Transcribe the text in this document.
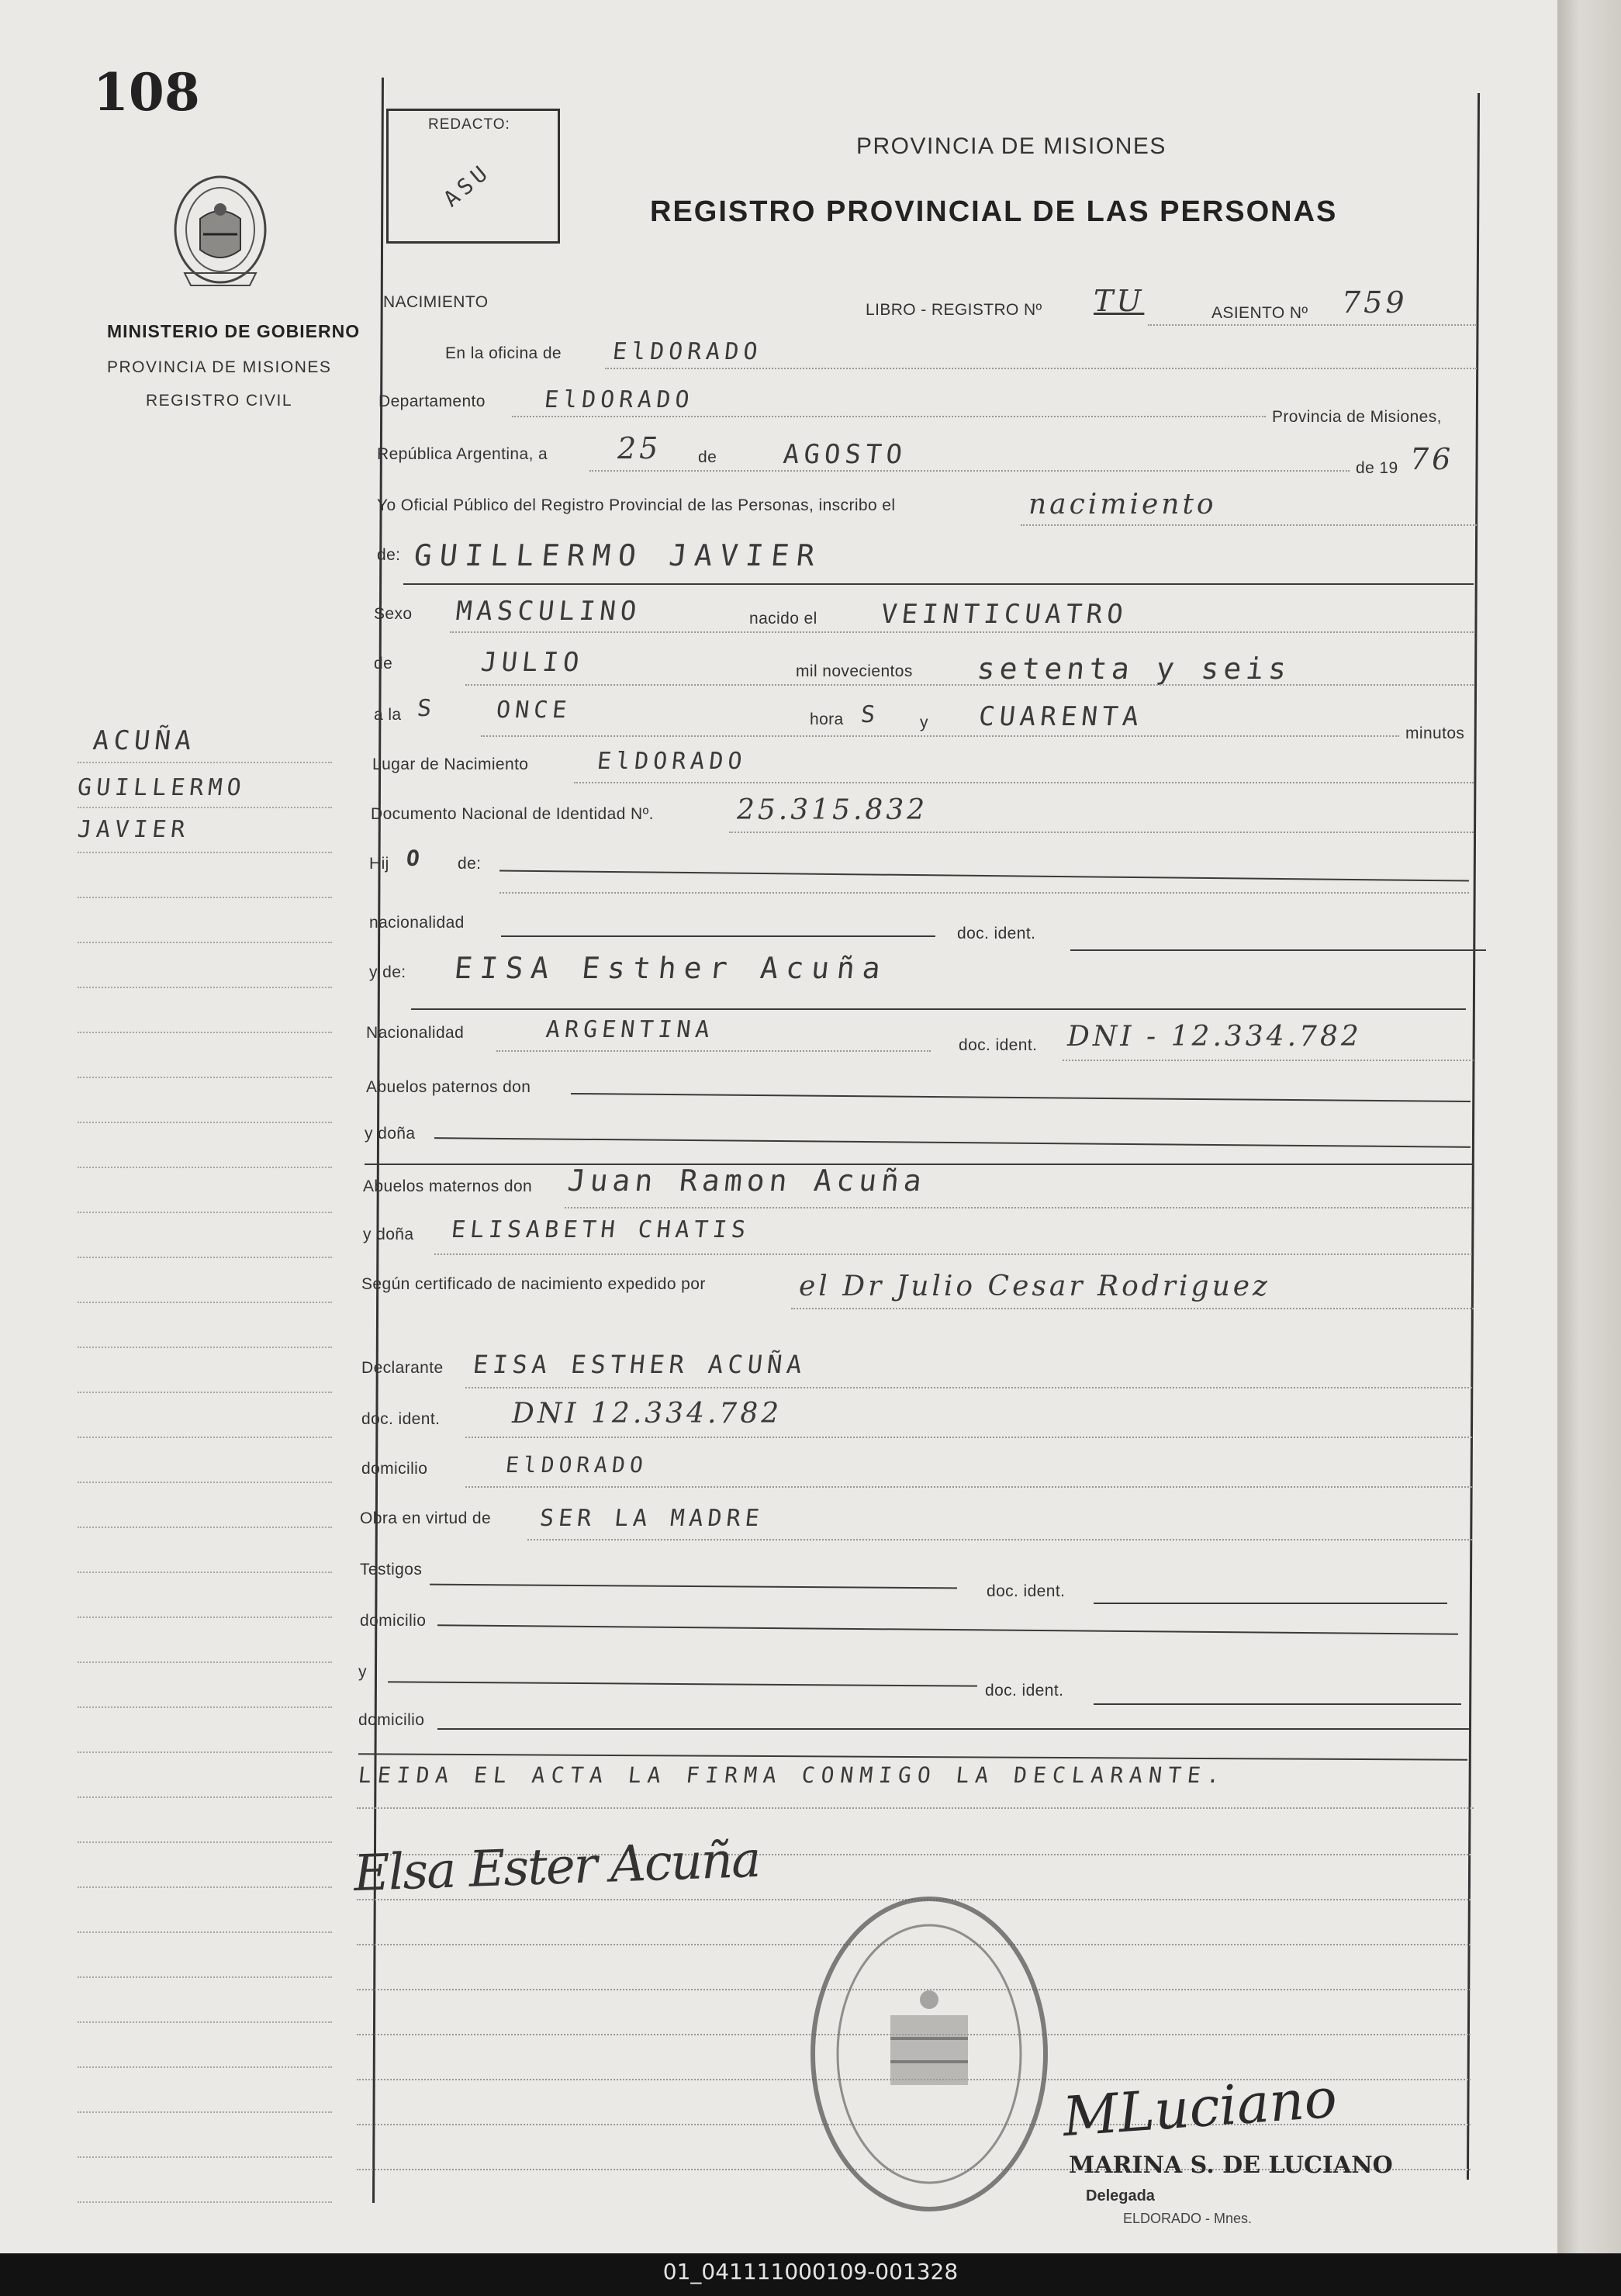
108
MINISTERIO DE GOBIERNO
PROVINCIA DE MISIONES
REGISTRO CIVIL
ACUÑA
GUILLERMO
JAVIER
REDACTO:
ASU
PROVINCIA DE MISIONES
REGISTRO PROVINCIAL DE LAS PERSONAS
NACIMIENTO	LIBRO - REGISTRO Nº TU	ASIENTO Nº 759
En la oficina de ElDORADO
Departamento ElDORADO
Provincia de Misiones,
República Argentina, a 25 de AGOSTO	de 19 76
Yo Oficial Público del Registro Provincial de las Personas, inscribo el	nacimiento
de: GUILLERMO JAVIER
Sexo MASCULINO	nacido el VEINTICUATRO
de	JULIO	mil novecientos setenta y seis
a la S ONCE	hora S y CUARENTA
minutos
Lugar de Nacimiento	ElDORADO
Documento Nacional de Identidad Nº.	25.315.832
Hij O de:
nacionalidad
doc. ident.
y de: EISA Esther Acuña
Nacionalidad	ARGENTINA
doc. ident. DNI - 12.334.782
Abuelos paternos don
y doña
Abuelos maternos don Juan Ramon Acuña
y doña ELISABETH CHATIS
Según certificado de nacimiento expedido por	el Dr Julio Cesar Rodriguez
Declarante EISA ESTHER ACUÑA
doc. ident.	DNI 12.334.782
domicilio	ElDORADO
Obra en virtud de SER LA MADRE
Testigos
doc. ident.
domicilio
y
doc. ident.
domicilio
LEIDA EL ACTA LA FIRMA CONMIGO LA DECLARANTE.
Elsa Ester Acuña
MLuciano
MARINA S. DE LUCIANO
Delegada
ELDORADO - Mnes.
01_041111000109-001328
